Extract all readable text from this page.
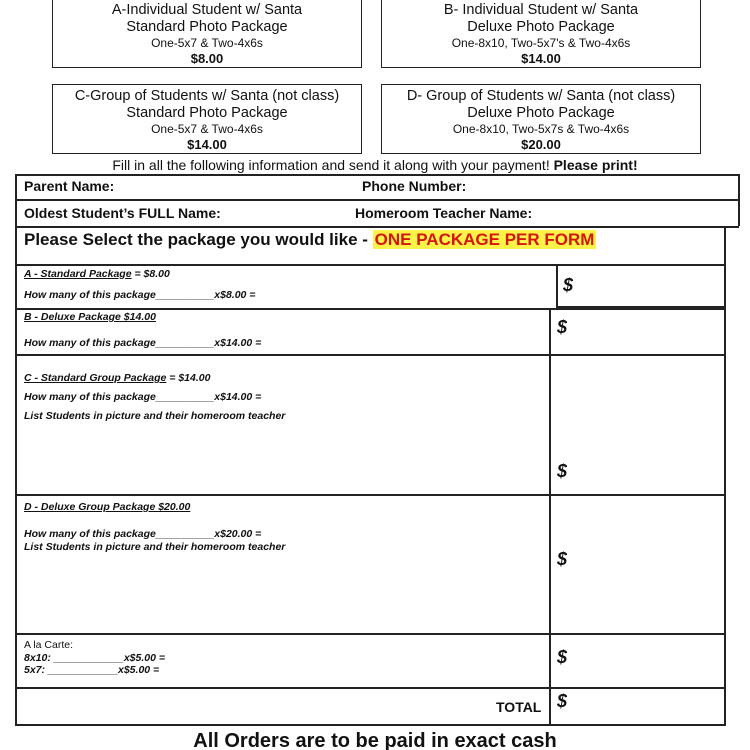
A-Individual Student w/ Santa
Standard Photo Package
One-5x7 & Two-4x6s
$8.00
B- Individual Student w/ Santa
Deluxe Photo Package
One-8x10, Two-5x7's & Two-4x6s
$14.00
C-Group of Students w/ Santa (not class)
Standard Photo Package
One-5x7 & Two-4x6s
$14.00
D- Group of Students w/ Santa (not class)
Deluxe Photo Package
One-8x10, Two-5x7s & Two-4x6s
$20.00
Fill in all the following information and send it along with your payment! Please print!
Parent Name:	Phone Number:
Oldest Student’s FULL Name:	Homeroom Teacher Name:
Please Select the package you would like - ONE PACKAGE PER FORM
A - Standard Package = $8.00
How many of this package__________x$8.00 =
B - Deluxe Package $14.00
How many of this package__________x$14.00 =
C - Standard Group Package = $14.00
How many of this package__________x$14.00 =
List Students in picture and their homeroom teacher
D - Deluxe Group Package $20.00
How many of this package__________x$20.00 =
List Students in picture and their homeroom teacher
A la Carte:
8x10: ____________x$5.00 =
5x7: ____________x$5.00 =
$
$
$
$
$
$
TOTAL
All Orders are to be paid in exact cash
